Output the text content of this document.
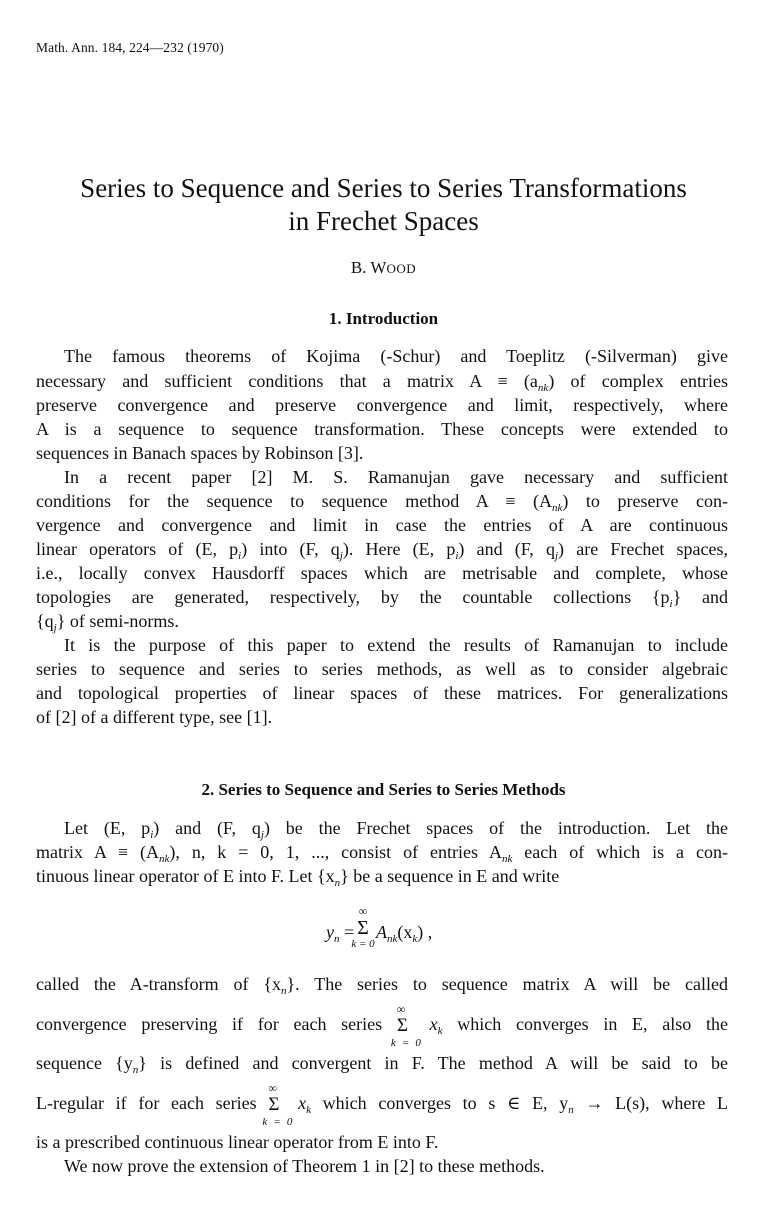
Math. Ann. 184, 224—232 (1970)
Series to Sequence and Series to Series Transformations
in Frechet Spaces
B. WOOD
1. Introduction
The famous theorems of Kojima (-Schur) and Toeplitz (-Silverman) give
necessary and sufficient conditions that a matrix $A \equiv (a_{nk})$ of complex entries
preserve convergence and preserve convergence and limit, respectively, where
A is a sequence to sequence transformation. These concepts were extended to
sequences in Banach spaces by Robinson [3].
In a recent paper [2] M. S. Ramanujan gave necessary and sufficient
conditions for the sequence to sequence method $A \equiv (A_{nk})$ to preserve con-
vergence and convergence and limit in case the entries of A are continuous
linear operators of (E, $p_i$) into (F, $q_j$). Here (E, $p_i$) and (F, $q_j$) are Frechet spaces,
i.e., locally convex Hausdorff spaces which are metrisable and complete, whose
topologies are generated, respectively, by the countable collections $\{p_i\}$ and
$\{q_j\}$ of semi-norms.
It is the purpose of this paper to extend the results of Ramanujan to include
series to sequence and series to series methods, as well as to consider algebraic
and topological properties of linear spaces of these matrices. For generalizations
of [2] of a different type, see [1].
2. Series to Sequence and Series to Series Methods
Let (E, $p_i$) and (F, $q_j$) be the Frechet spaces of the introduction. Let the
matrix $A \equiv (A_{nk})$, n, k = 0, 1, ..., consist of entries $A_{nk}$ each of which is a con-
tinuous linear operator of E into F. Let $\{x_n\}$ be a sequence in E and write
$y_n$ =
∞
Σ
k = 0
$A_{nk}(x_k)$ ,
called the A-transform of $\{x_n\}$. The series to sequence matrix A will be called
convergence preserving if for each series
∞
Σ
k = 0
$x_k$ which converges in E, also the
sequence $\{y_n\}$ is defined and convergent in F. The method A will be said to be
L-regular if for each series
∞
Σ
k = 0
$x_k$ which converges to s ∈ E, $y_n \to L(s)$, where L
is a prescribed continuous linear operator from E into F.
We now prove the extension of Theorem 1 in [2] to these methods.
